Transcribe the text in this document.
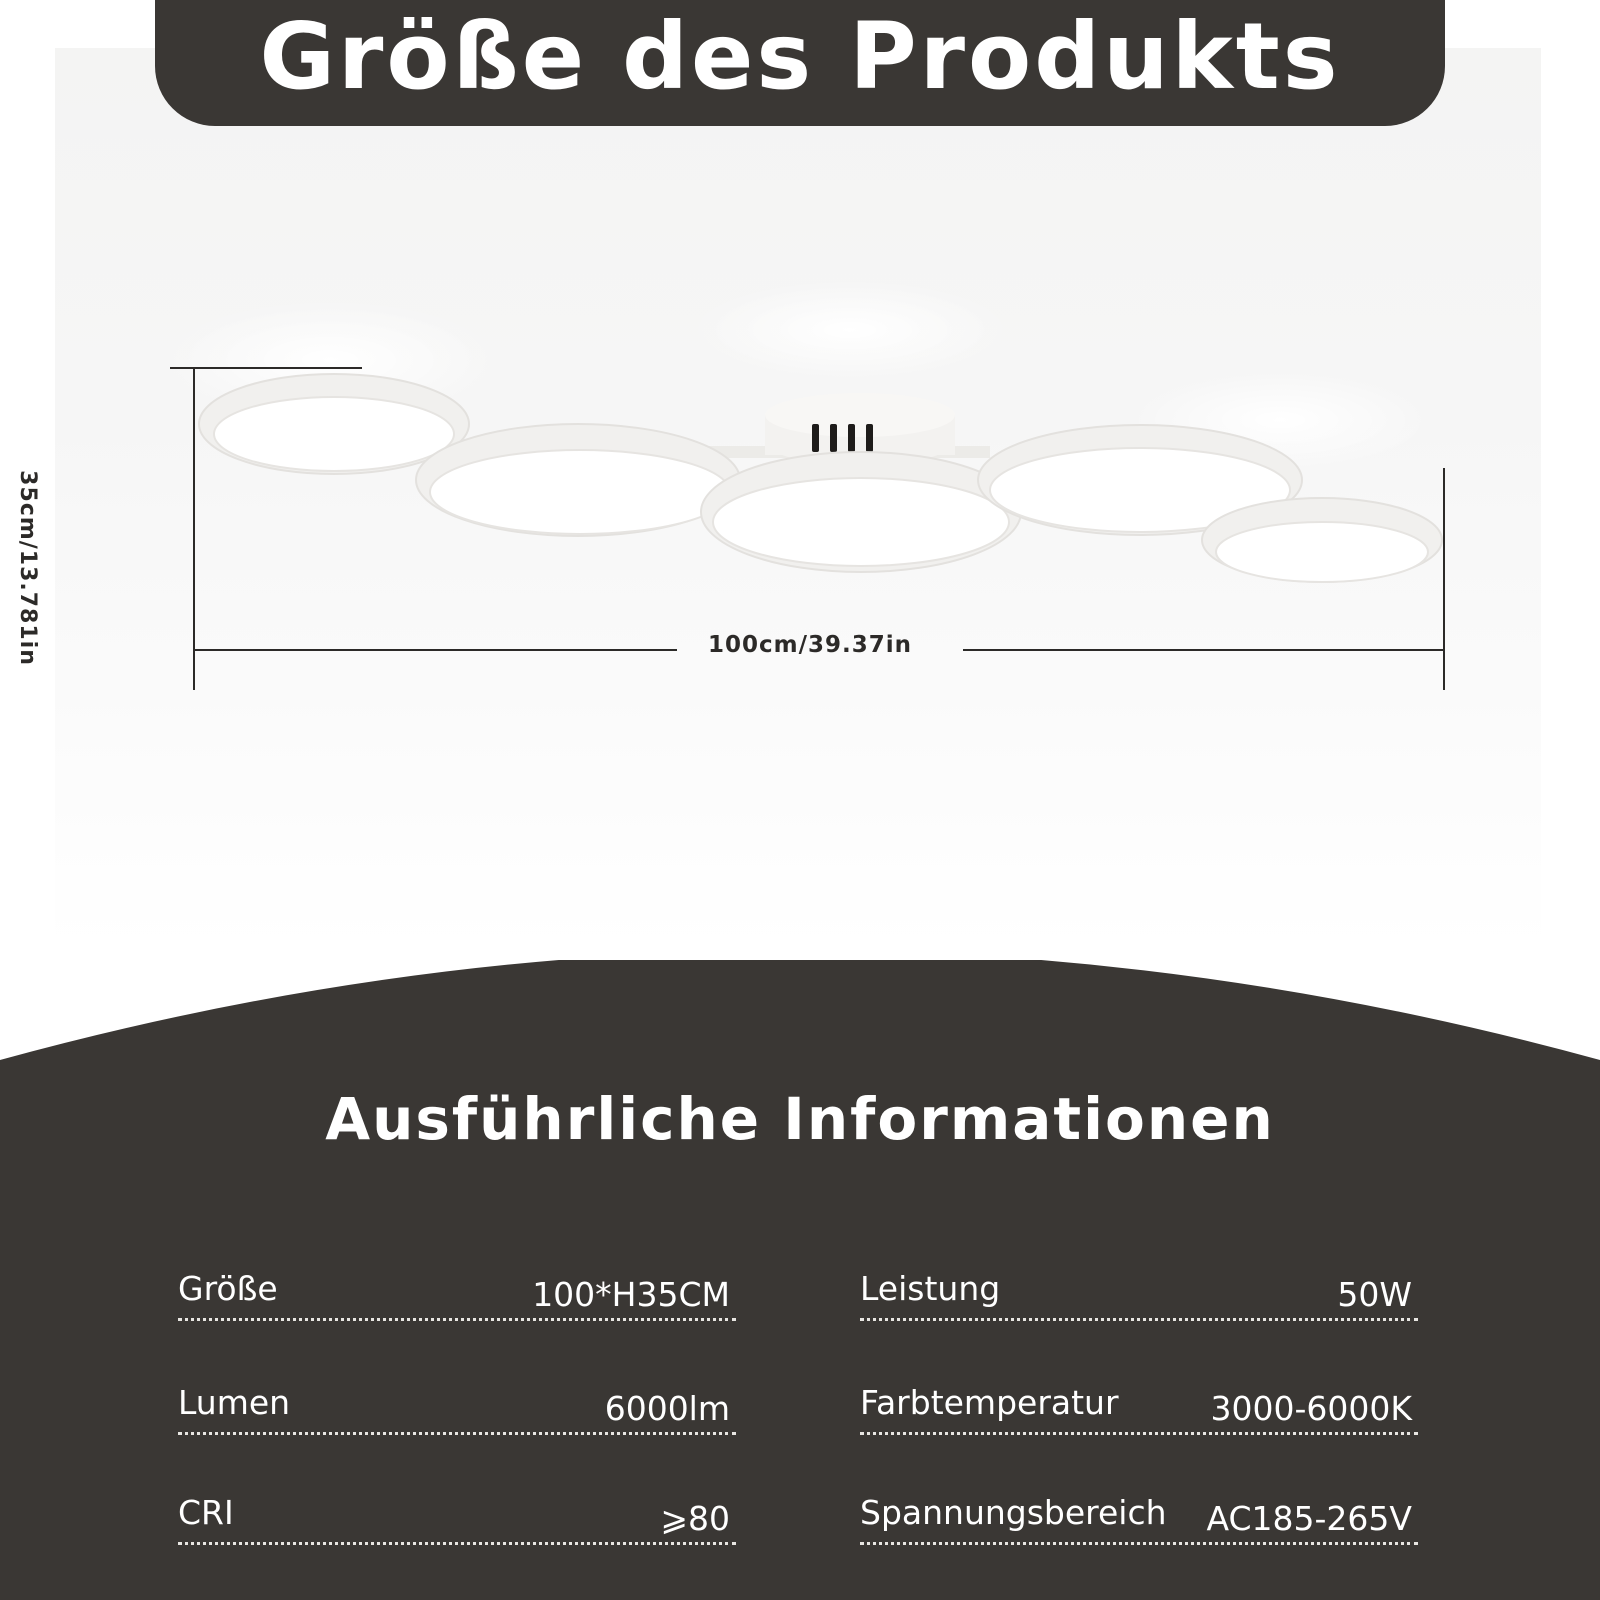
Größe des Produkts
100cm/39.37in
35cm/13.781in
Ausführliche Informationen
Größe	100*H35CM	Leistung	50W
Lumen	6000lm	Farbtemperatur	3000-6000K
CRI	⩾80	Spannungsbereich AC185-265V
